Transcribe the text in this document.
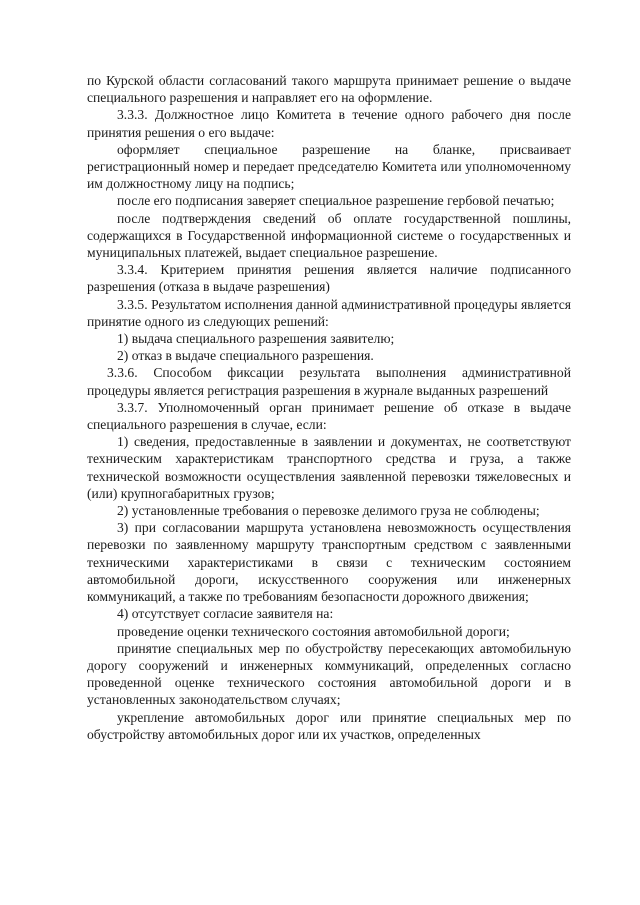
по Курской области согласований такого маршрута принимает решение о выдаче специального разрешения и направляет его на оформление.

3.3.3. Должностное лицо Комитета в течение одного рабочего дня после принятия решения о его выдаче:

оформляет специальное разрешение на бланке, присваивает регистрационный номер и передает председателю Комитета или уполномоченному им должностному лицу на подпись;

после его подписания заверяет специальное разрешение гербовой печатью;

после подтверждения сведений об оплате государственной пошлины, содержащихся в Государственной информационной системе о государственных и муниципальных платежей, выдает специальное разрешение.

3.3.4. Критерием принятия решения является наличие подписанного разрешения (отказа в выдаче разрешения)

3.3.5. Результатом исполнения данной административной процедуры является принятие одного из следующих решений:

1) выдача специального разрешения заявителю;

2) отказ в выдаче специального разрешения.

3.3.6. Способом фиксации результата выполнения административной процедуры является регистрация разрешения в журнале выданных разрешений

3.3.7. Уполномоченный орган принимает решение об отказе в выдаче специального разрешения в случае, если:

1) сведения, предоставленные в заявлении и документах, не соответствуют техническим характеристикам транспортного средства и груза, а также технической возможности осуществления заявленной перевозки тяжеловесных и (или) крупногабаритных грузов;

2) установленные требования о перевозке делимого груза не соблюдены;

3) при согласовании маршрута установлена невозможность осуществления перевозки по заявленному маршруту транспортным средством с заявленными техническими характеристиками в связи с техническим состоянием автомобильной дороги, искусственного сооружения или инженерных коммуникаций, а также по требованиям безопасности дорожного движения;

4) отсутствует согласие заявителя на:

проведение оценки технического состояния автомобильной дороги;

принятие специальных мер по обустройству пересекающих автомобильную дорогу сооружений и инженерных коммуникаций, определенных согласно проведенной оценке технического состояния автомобильной дороги и в установленных законодательством случаях;

укрепление автомобильных дорог или принятие специальных мер по обустройству автомобильных дорог или их участков, определенных
